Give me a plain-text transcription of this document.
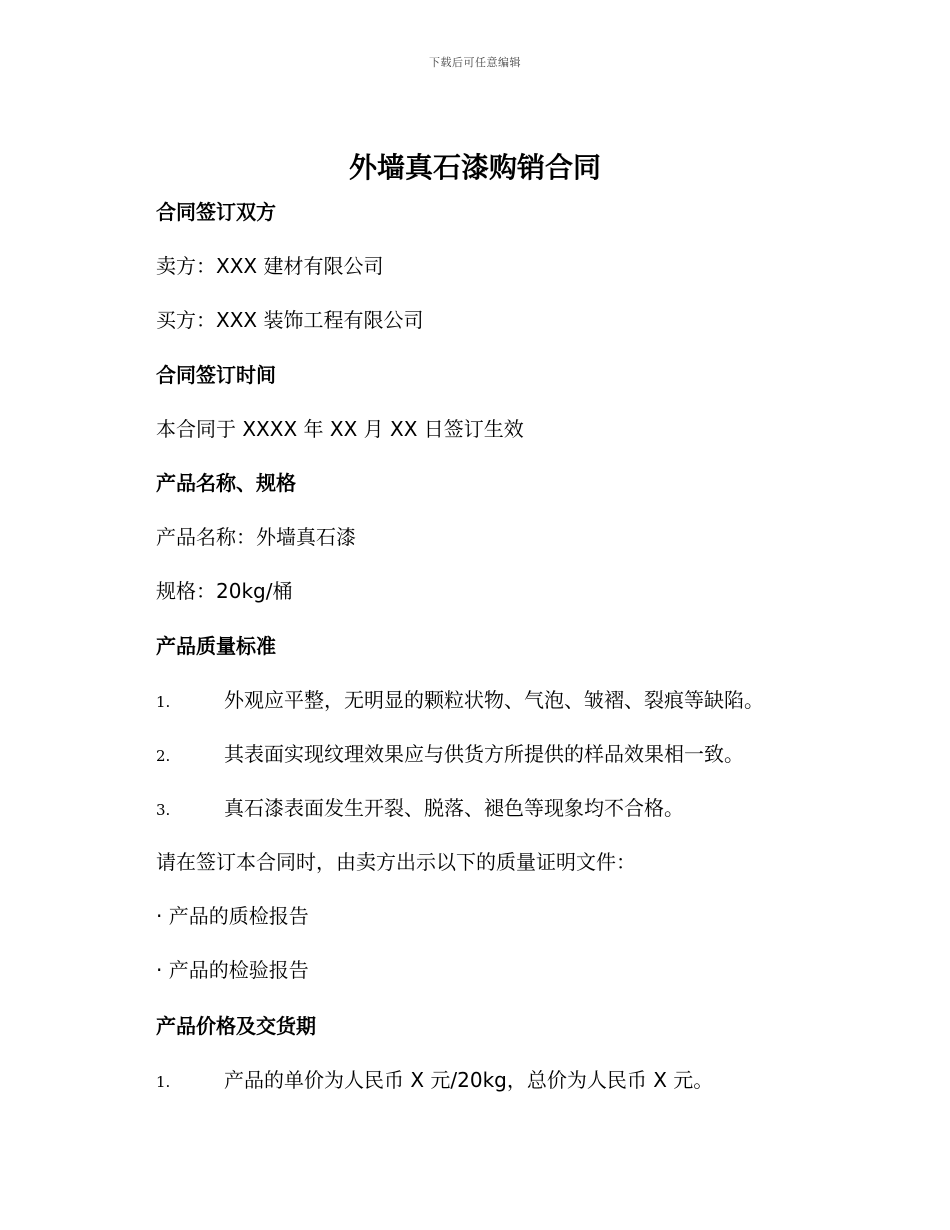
下载后可任意编辑
外墙真石漆购销合同
合同签订双方
卖方：XXX 建材有限公司
买方：XXX 装饰工程有限公司
合同签订时间
本合同于 XXXX 年 XX 月 XX 日签订生效
产品名称、规格
产品名称：外墙真石漆
规格：20kg/桶
产品质量标准
1.	外观应平整，无明显的颗粒状物、气泡、皱褶、裂痕等缺陷。
2.	其表面实现纹理效果应与供货方所提供的样品效果相一致。
3.	真石漆表面发生开裂、脱落、褪色等现象均不合格。
请在签订本合同时，由卖方出示以下的质量证明文件：
· 产品的质检报告
· 产品的检验报告
产品价格及交货期
1.	产品的单价为人民币 X 元/20kg，总价为人民币 X 元。
